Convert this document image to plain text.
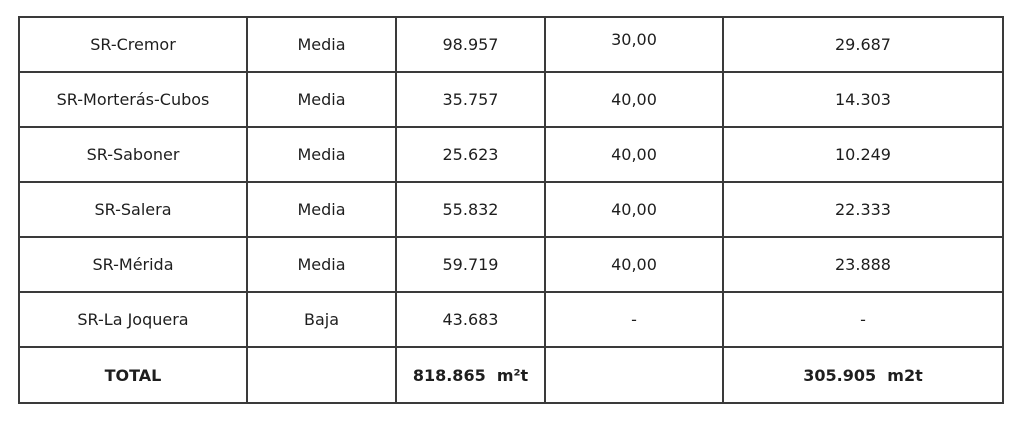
SR-Cremor	Media	98.957	30,00	29.687
SR-Morterás-Cubos	Media	35.757	40,00	14.303
SR-Saboner	Media	25.623	40,00	10.249
SR-Salera	Media	55.832	40,00	22.333
SR-Mérida	Media	59.719	40,00	23.888
SR-La Joquera	Baja	43.683	-	-
TOTAL		818.865  m²t		305.905  m2t
